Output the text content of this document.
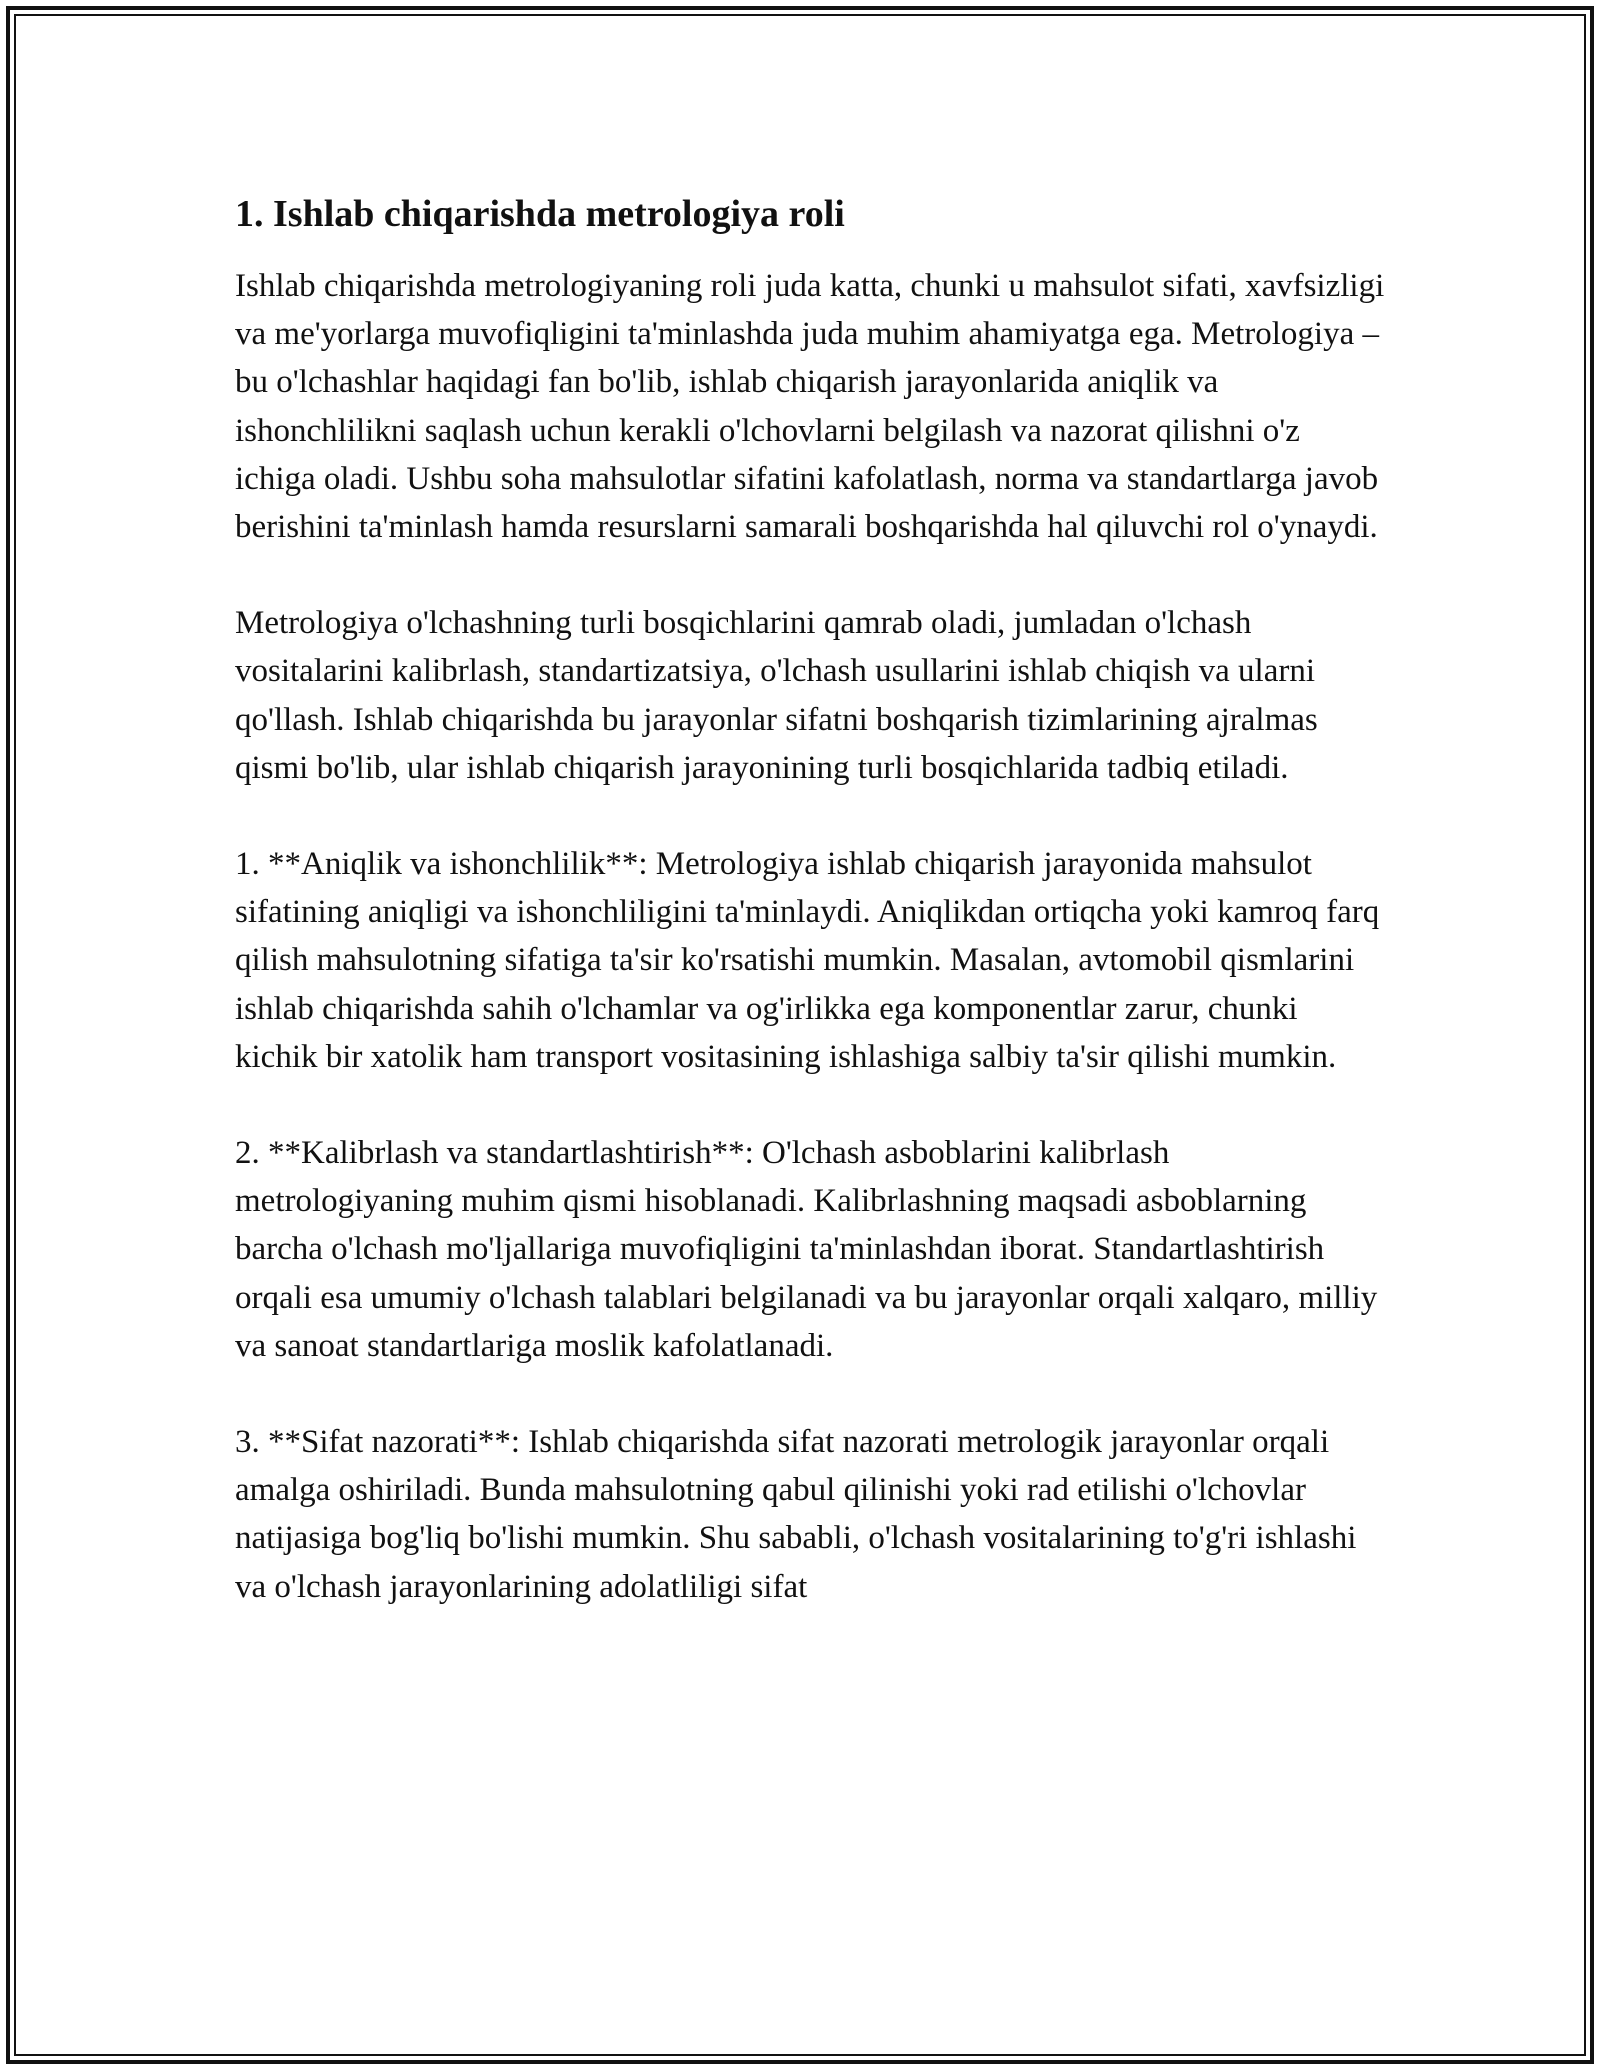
1. Ishlab chiqarishda metrologiya roli

Ishlab chiqarishda metrologiyaning roli juda katta, chunki u mahsulot sifati, xavfsizligi va me'yorlarga muvofiqligini ta'minlashda juda muhim ahamiyatga ega. Metrologiya – bu o'lchashlar haqidagi fan bo'lib, ishlab chiqarish jarayonlarida aniqlik va ishonchlilikni saqlash uchun kerakli o'lchovlarni belgilash va nazorat qilishni o'z ichiga oladi. Ushbu soha mahsulotlar sifatini kafolatlash, norma va standartlarga javob berishini ta'minlash hamda resurslarni samarali boshqarishda hal qiluvchi rol o'ynaydi.

Metrologiya o'lchashning turli bosqichlarini qamrab oladi, jumladan o'lchash vositalarini kalibrlash, standartizatsiya, o'lchash usullarini ishlab chiqish va ularni qo'llash. Ishlab chiqarishda bu jarayonlar sifatni boshqarish tizimlarining ajralmas qismi bo'lib, ular ishlab chiqarish jarayonining turli bosqichlarida tadbiq etiladi.

1. **Aniqlik va ishonchlilik**: Metrologiya ishlab chiqarish jarayonida mahsulot sifatining aniqligi va ishonchliligini ta'minlaydi. Aniqlikdan ortiqcha yoki kamroq farq qilish mahsulotning sifatiga ta'sir ko'rsatishi mumkin. Masalan, avtomobil qismlarini ishlab chiqarishda sahih o'lchamlar va og'irlikka ega komponentlar zarur, chunki kichik bir xatolik ham transport vositasining ishlashiga salbiy ta'sir qilishi mumkin.

2. **Kalibrlash va standartlashtirish**: O'lchash asboblarini kalibrlash metrologiyaning muhim qismi hisoblanadi. Kalibrlashning maqsadi asboblarning barcha o'lchash mo'ljallariga muvofiqligini ta'minlashdan iborat. Standartlashtirish orqali esa umumiy o'lchash talablari belgilanadi va bu jarayonlar orqali xalqaro, milliy va sanoat standartlariga moslik kafolatlanadi.

3. **Sifat nazorati**: Ishlab chiqarishda sifat nazorati metrologik jarayonlar orqali amalga oshiriladi. Bunda mahsulotning qabul qilinishi yoki rad etilishi o'lchovlar natijasiga bog'liq bo'lishi mumkin. Shu sababli, o'lchash vositalarining to'g'ri ishlashi va o'lchash jarayonlarining adolatliligi sifat
